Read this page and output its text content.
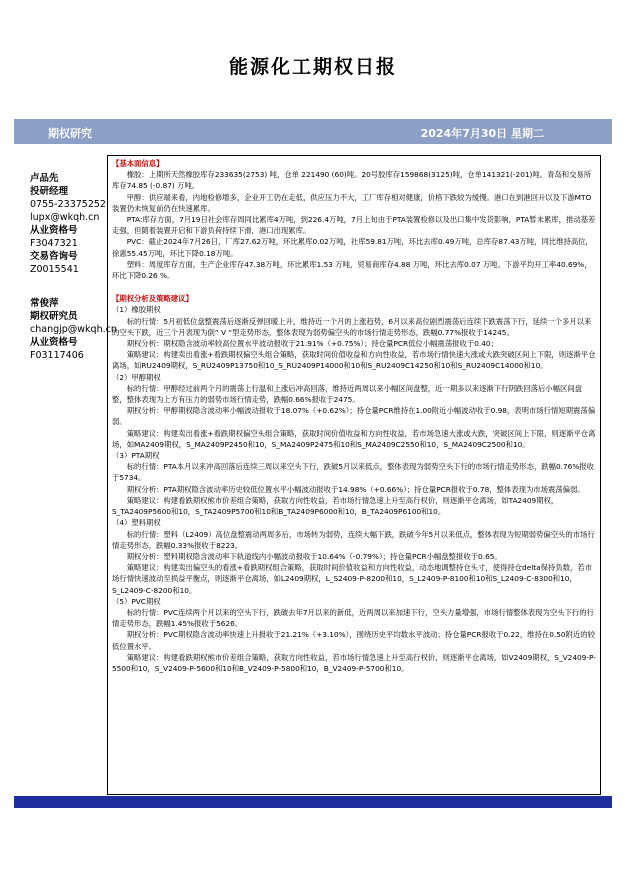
能源化工期权日报
期权研究	2024年7月30日 星期二
卢品先
投研经理
0755-23375252
lupx@wkqh.cn
从业资格号
F3047321
交易咨询号
Z0015541
常俊萍
期权研究员
changjp@wkqh.cn
从业资格号
F03117406

【基本面信息】

橡胶：上期所天然橡胶库存233635(2753) 吨，仓单 221490 (60)吨。20号胶库存159868(3125)吨，仓单141321(-201)吨。青岛和交易所库存74.85 (-0.87) 万吨。

甲醇：供应端来看，内地检修增多，企业开工仍在走低，供应压力不大，工厂库存相对健康，价格下跌较为缓慢。港口在到港回升以及下游MTO装置仍未恢复前仍在快速累库。

PTA:库存方面，7月19日社会库存周同比累库4万吨，到226.4万吨，7月上旬由于PTA装置检修以及出口集中发货影响，PTA暂未累库，推动基差走强，但随着装置开启和下游负荷持续下滑，港口出现累库。

PVC：截止2024年7月26日，厂库27.62万吨，环比累库0.02万吨，社库59.81万吨，环比去库0.49万吨，总库存87.43万吨，同比维持高位，徐惠55.45万吨，环比下降0.18万吨。

塑料：周度库存方面，生产企业库存47.38万吨，环比累库1.53 万吨，贸易商库存4.88 万吨，环比去库0.07 万吨。下游平均开工率40.69%，环比下降0.26 %。

【期权分析及策略建议】

（1）橡胶期权

标的行情：5月初低位盘整震荡后逐渐反弹回暖上升，维持近一个月的上涨趋势，6月以来高位剧烈震荡后连续下跌震荡下行，延续一个多月以来的空头下跌，近三个月表现为倒” V “型走势形态，整体表现为弱势偏空头的市场行情走势形态，跌幅0.77%报收于14245。

期权分析：期权隐含波动率较高位置水平波动报收于21.91%（+0.75%）；持仓量PCR低位小幅震荡报收于0.40；

策略建议：构建卖出看涨+看跌期权偏空头组合策略，获取时间价值收益和方向性收益，若市场行情快速大涨或大跌突破区间上下限，则逐渐平仓离场，如RU2409期权，S_RU2409P13750和10_S_RU2409P14000和10和S_RU2409C14250和10和S_RU2409C14000和10。

（2）甲醇期权

标的行情：甲醇经过前两个月的震荡上行温和上涨后冲高回落，维持近两周以来小幅区间盘整，近一期多以来逐渐下行阴跌回落后小幅区间盘整，整体表现为上方有压力的弱势市场行情走势，跌幅0.66%报收于2475。

期权分析：甲醇期权隐含波动率小幅波动报收于18.07%（+0.62%）；持仓量PCR维持在1.00附近小幅波动收于0.98，表明市场行情短期震荡偏弱。

策略建议：构建卖出看涨+看跌期权偏空头组合策略，获取时间价值收益和方向性收益，若市场急速大涨或大跌，突破区间上下限，则逐渐平仓离场，如MA2409期权，S_MA2409P2450和10，S_MA2409P2475和10和S_MA2409C2550和10，S_MA2409C2500和10。

（3）PTA期权

标的行情：PTA本月以来冲高回落后连续三周以来空头下行，跌破5月以来低点，整体表现为弱势空头下行的市场行情走势形态，跌幅0.76%报收于5734。

期权分析：PTA期权隐含波动率历史较低位置水平小幅波动报收于14.98%（+0.66%）；持仓量PCR报收于0.78，整体表现为市场震荡偏弱。

策略建议：构建看跌期权熊市价差组合策略，获取方向性收益，若市场行情急速上升至高行权价，则逐渐平仓离场，如TA2409期权，S_TA2409P5600和10，S_TA2409P5700和10和B_TA2409P6000和10，B_TA2409P6100和10。

（4）塑料期权

标的行情：塑料（L2409）高位盘整震动两周多后，市场转为弱势，连续大幅下跌，跌破今年5月以来低点，整体表现为短期弱势偏空头的市场行情走势形态，跌幅0.33%报收于8223。

期权分析：塑料期权隐含波动率下轨道线内小幅波动报收于10.64%（-0.79%）；持仓量PCR小幅盘整报收于0.65。

策略建议：构建卖出偏空头的看涨+看跌期权组合策略，获取时间价值收益和方向性收益，动态地调整持仓头寸，使得持仓delta保持负数，若市场行情快速波动至损益平衡点，则逐渐平仓离场，如L2409期权，L_S2409-P-8200和10，S_L2409-P-8100和10和S_L2409-C-8300和10，S_L2409-C-8200和10。

（5）PVC期权

标的行情：PVC连续两个月以来的空头下行，跌破去年7月以来的新低，近两周以来加速下行，空头力量增强，市场行情整体表现为空头下行的行情走势形态，跌幅1.45%报收于5626。

期权分析：PVC期权隐含波动率快速上升报收于21.21%（+3.10%），围绕历史平均数水平波动；持仓量PCR报收于0.22，维持在0.50附近的较低位置水平。

策略建议：构建看跌期权熊市价差组合策略，获取方向性收益，若市场行情急速上升至高行权价，则逐渐平仓离场，如V2409期权，S_V2409-P-5500和10，S_V2409-P-5600和10和B_V2409-P-5800和10，B_V2409-P-5700和10。
